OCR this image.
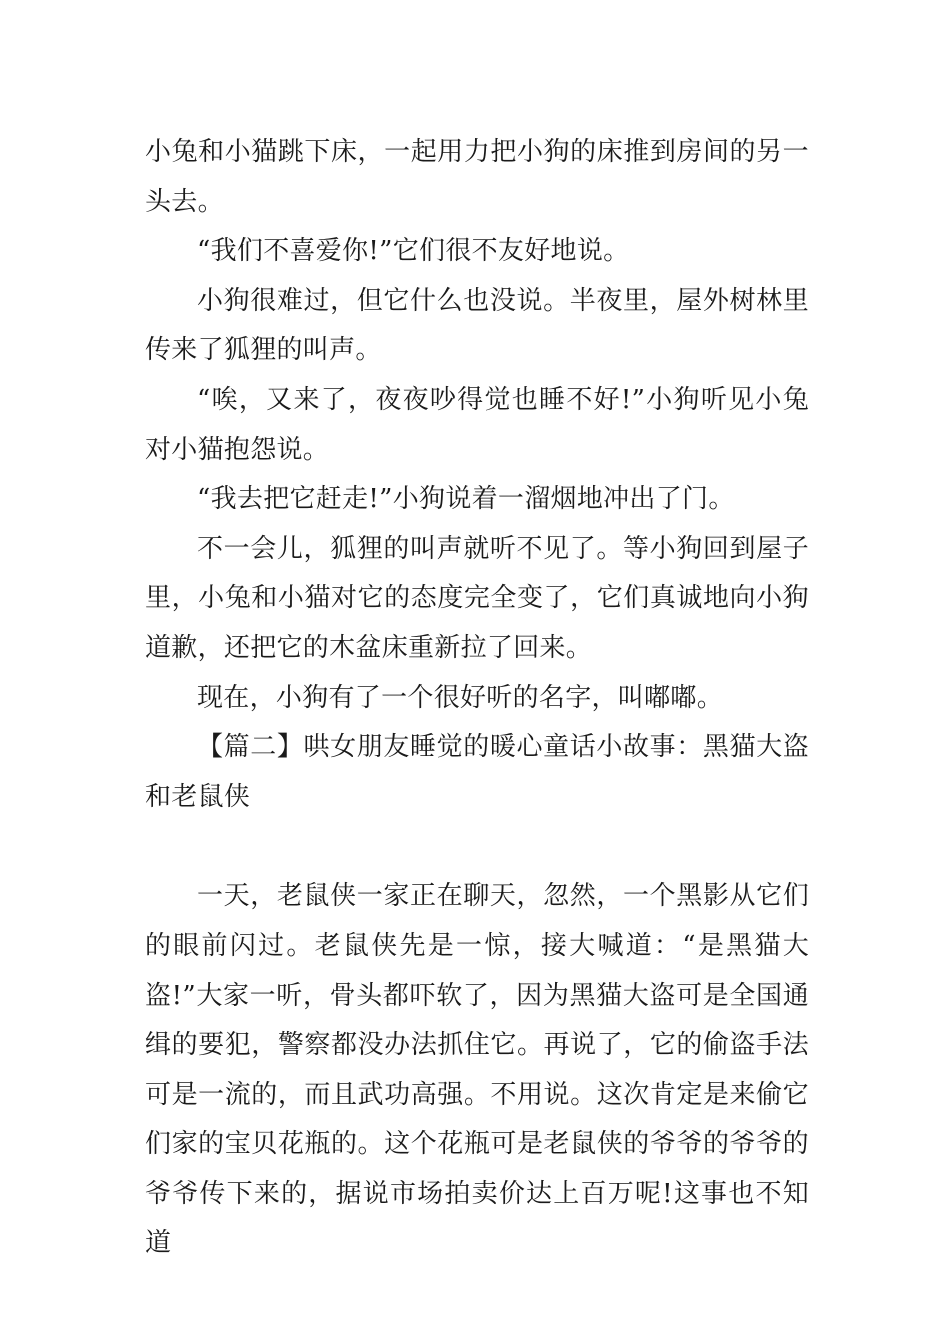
小兔和小猫跳下床，一起用力把小狗的床推到房间的另一头去。

“我们不喜爱你!”它们很不友好地说。

小狗很难过，但它什么也没说。半夜里，屋外树林里传来了狐狸的叫声。

“唉，又来了，夜夜吵得觉也睡不好!”小狗听见小兔对小猫抱怨说。

“我去把它赶走!”小狗说着一溜烟地冲出了门。

不一会儿，狐狸的叫声就听不见了。等小狗回到屋子里，小兔和小猫对它的态度完全变了，它们真诚地向小狗道歉，还把它的木盆床重新拉了回来。

现在，小狗有了一个很好听的名字，叫嘟嘟。

【篇二】哄女朋友睡觉的暖心童话小故事：黑猫大盗和老鼠侠

一天，老鼠侠一家正在聊天，忽然，一个黑影从它们的眼前闪过。老鼠侠先是一惊，接大喊道：“是黑猫大盗!”大家一听，骨头都吓软了，因为黑猫大盗可是全国通缉的要犯，警察都没办法抓住它。再说了，它的偷盗手法可是一流的，而且武功高强。不用说。这次肯定是来偷它们家的宝贝花瓶的。这个花瓶可是老鼠侠的爷爷的爷爷的爷爷传下来的，据说市场拍卖价达上百万呢!这事也不知道
